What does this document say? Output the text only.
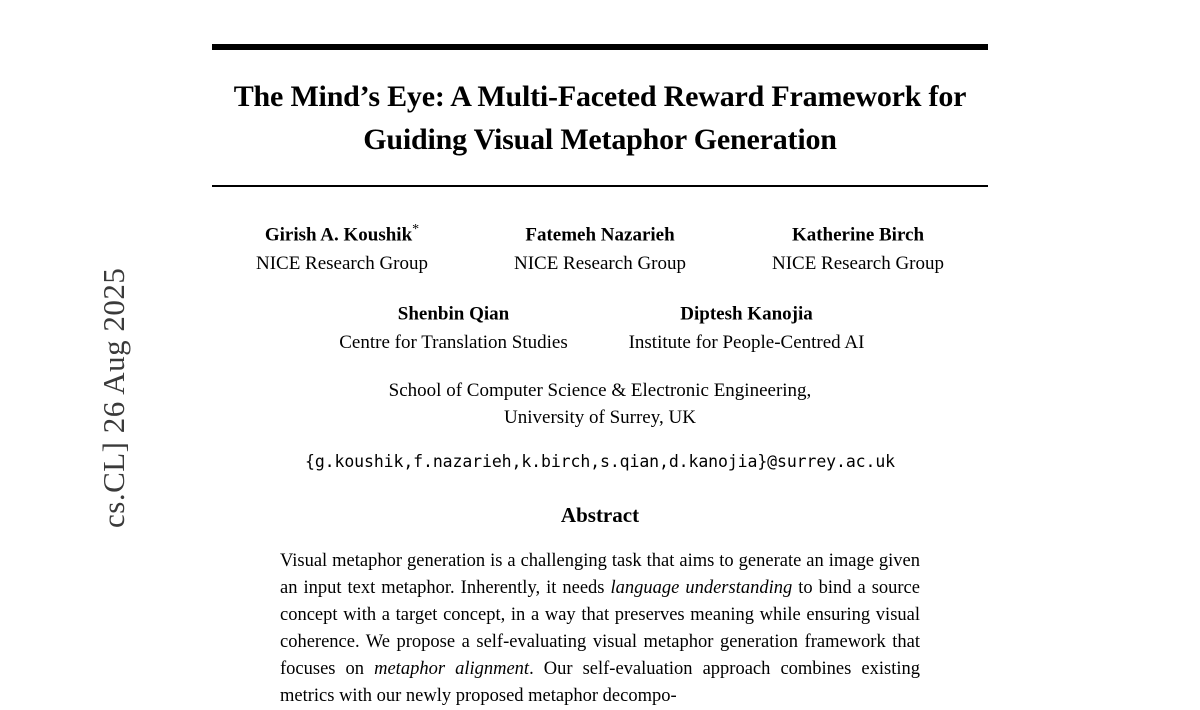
cs.CL] 26 Aug 2025
The Mind’s Eye: A Multi-Faceted Reward Framework for Guiding Visual Metaphor Generation
Girish A. Koushik*
NICE Research Group
Fatemeh Nazarieh
NICE Research Group
Katherine Birch
NICE Research Group
Shenbin Qian
Centre for Translation Studies
Diptesh Kanojia
Institute for People-Centred AI
School of Computer Science & Electronic Engineering,
University of Surrey, UK
{g.koushik,f.nazarieh,k.birch,s.qian,d.kanojia}@surrey.ac.uk
Abstract
Visual metaphor generation is a challenging task that aims to generate an image given an input text metaphor. Inherently, it needs language understanding to bind a source concept with a target concept, in a way that preserves meaning while ensuring visual coherence. We propose a self-evaluating visual metaphor generation framework that focuses on metaphor alignment. Our self-evaluation approach combines existing metrics with our newly proposed metaphor decompo-
